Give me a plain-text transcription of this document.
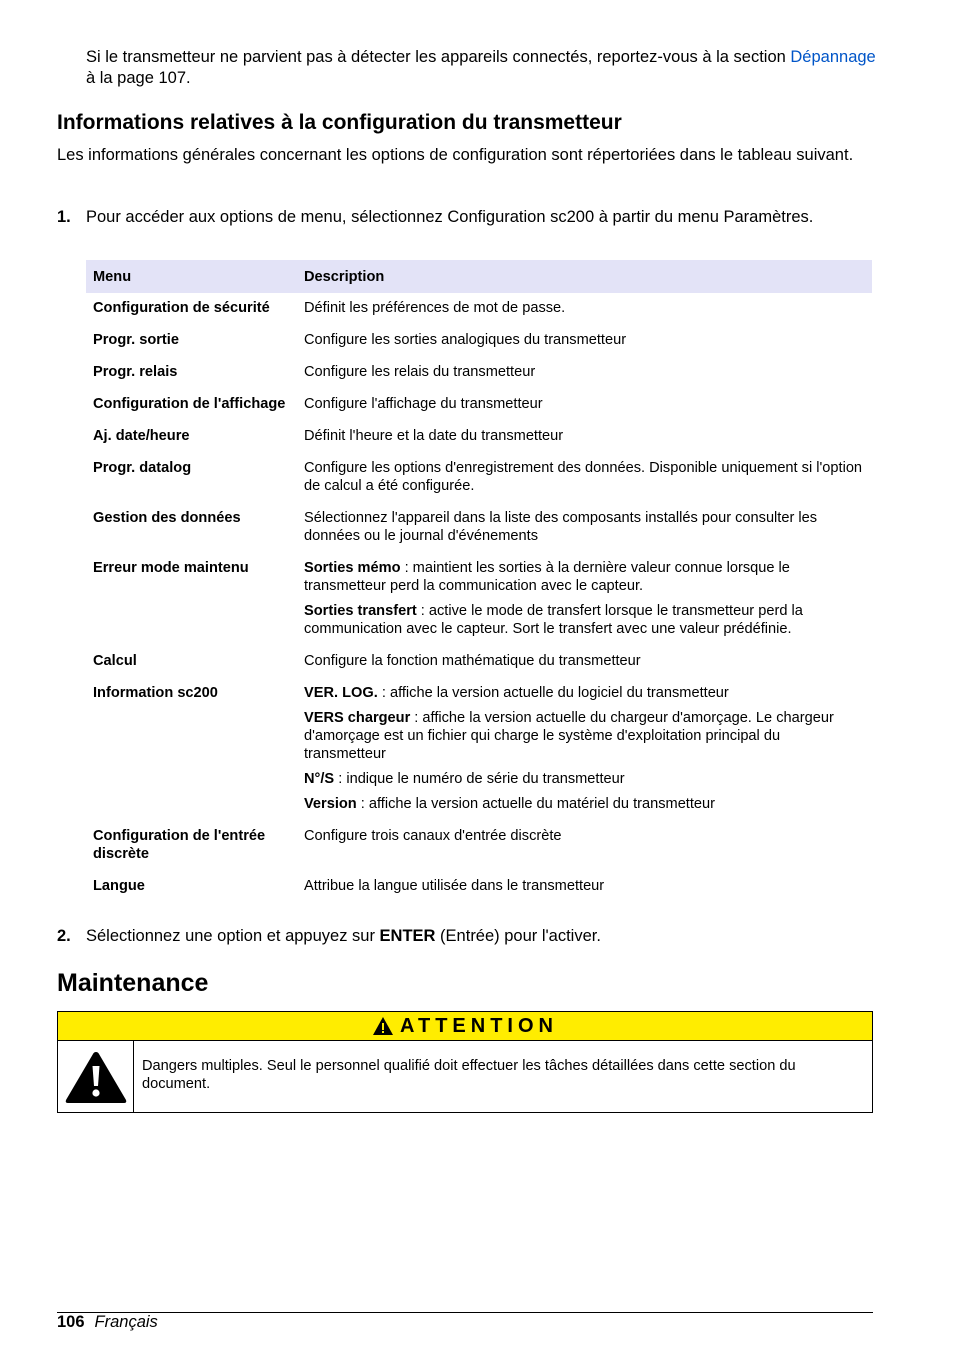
Si le transmetteur ne parvient pas à détecter les appareils connectés, reportez-vous à la section Dépannage à la page 107.
Informations relatives à la configuration du transmetteur
Les informations générales concernant les options de configuration sont répertoriées dans le tableau suivant.
1. Pour accéder aux options de menu, sélectionnez Configuration sc200 à partir du menu Paramètres.
Menu	Description
Configuration de sécurité	Définit les préférences de mot de passe.

Progr. sortie	Configure les sorties analogiques du transmetteur

Progr. relais	Configure les relais du transmetteur

Configuration de l'affichage	Configure l'affichage du transmetteur

Aj. date/heure	Définit l'heure et la date du transmetteur

Progr. datalog	Configure les options d'enregistrement des données. Disponible uniquement si l'option de calcul a été configurée.

Gestion des données	Sélectionnez l'appareil dans la liste des composants installés pour consulter les données ou le journal d'événements

Erreur mode maintenu	Sorties mémo : maintient les sorties à la dernière valeur connue lorsque le transmetteur perd la communication avec le capteur.
Sorties transfert : active le mode de transfert lorsque le transmetteur perd la communication avec le capteur. Sort le transfert avec une valeur prédéfinie.

Calcul	Configure la fonction mathématique du transmetteur

Information sc200	VER. LOG. : affiche la version actuelle du logiciel du transmetteur
VERS chargeur : affiche la version actuelle du chargeur d'amorçage. Le chargeur d'amorçage est un fichier qui charge le système d'exploitation principal du transmetteur
N°/S : indique le numéro de série du transmetteur
Version : affiche la version actuelle du matériel du transmetteur

Configuration de l'entrée discrète	Configure trois canaux d'entrée discrète

Langue	Attribue la langue utilisée dans le transmetteur
2. Sélectionnez une option et appuyez sur ENTER (Entrée) pour l'activer.
Maintenance
ATTENTION
Dangers multiples. Seul le personnel qualifié doit effectuer les tâches détaillées dans cette section du document.
106 Français
